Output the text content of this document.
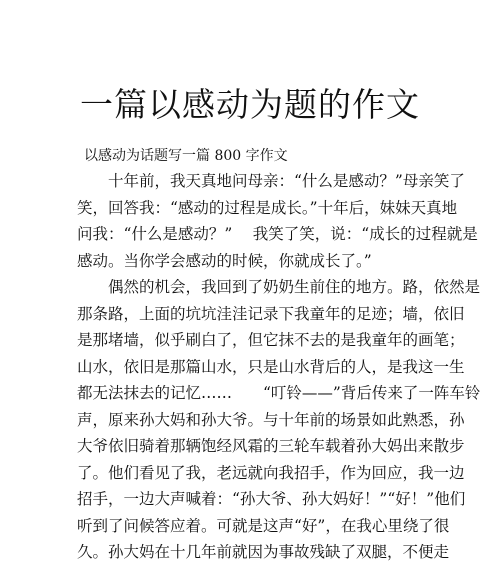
一篇以感动为题的作文

以感动为话题写一篇 800 字作文

　　十年前，我天真地问母亲：“什么是感动？”母亲笑了
笑，回答我：“感动的过程是成长。”十年后，妹妹天真地
问我：“什么是感动？”　 我笑了笑，说：“成长的过程就是
感动。当你学会感动的时候，你就成长了。”
　　偶然的机会，我回到了奶奶生前住的地方。路，依然是
那条路，上面的坑坑洼洼记录下我童年的足迹；墙，依旧
是那堵墙，似乎刷白了，但它抹不去的是我童年的画笔；
山水，依旧是那篇山水，只是山水背后的人，是我这一生
都无法抹去的记忆……　　“叮铃——”背后传来了一阵车铃
声，原来孙大妈和孙大爷。与十年前的场景如此熟悉，孙
大爷依旧骑着那辆饱经风霜的三轮车载着孙大妈出来散步
了。他们看见了我，老远就向我招手，作为回应，我一边
招手，一边大声喊着：“孙大爷、孙大妈好！”“好！”他们
听到了问候答应着。可就是这声“好”，在我心里绕了很
久。孙大妈在十几年前就因为事故残缺了双腿，不便走
